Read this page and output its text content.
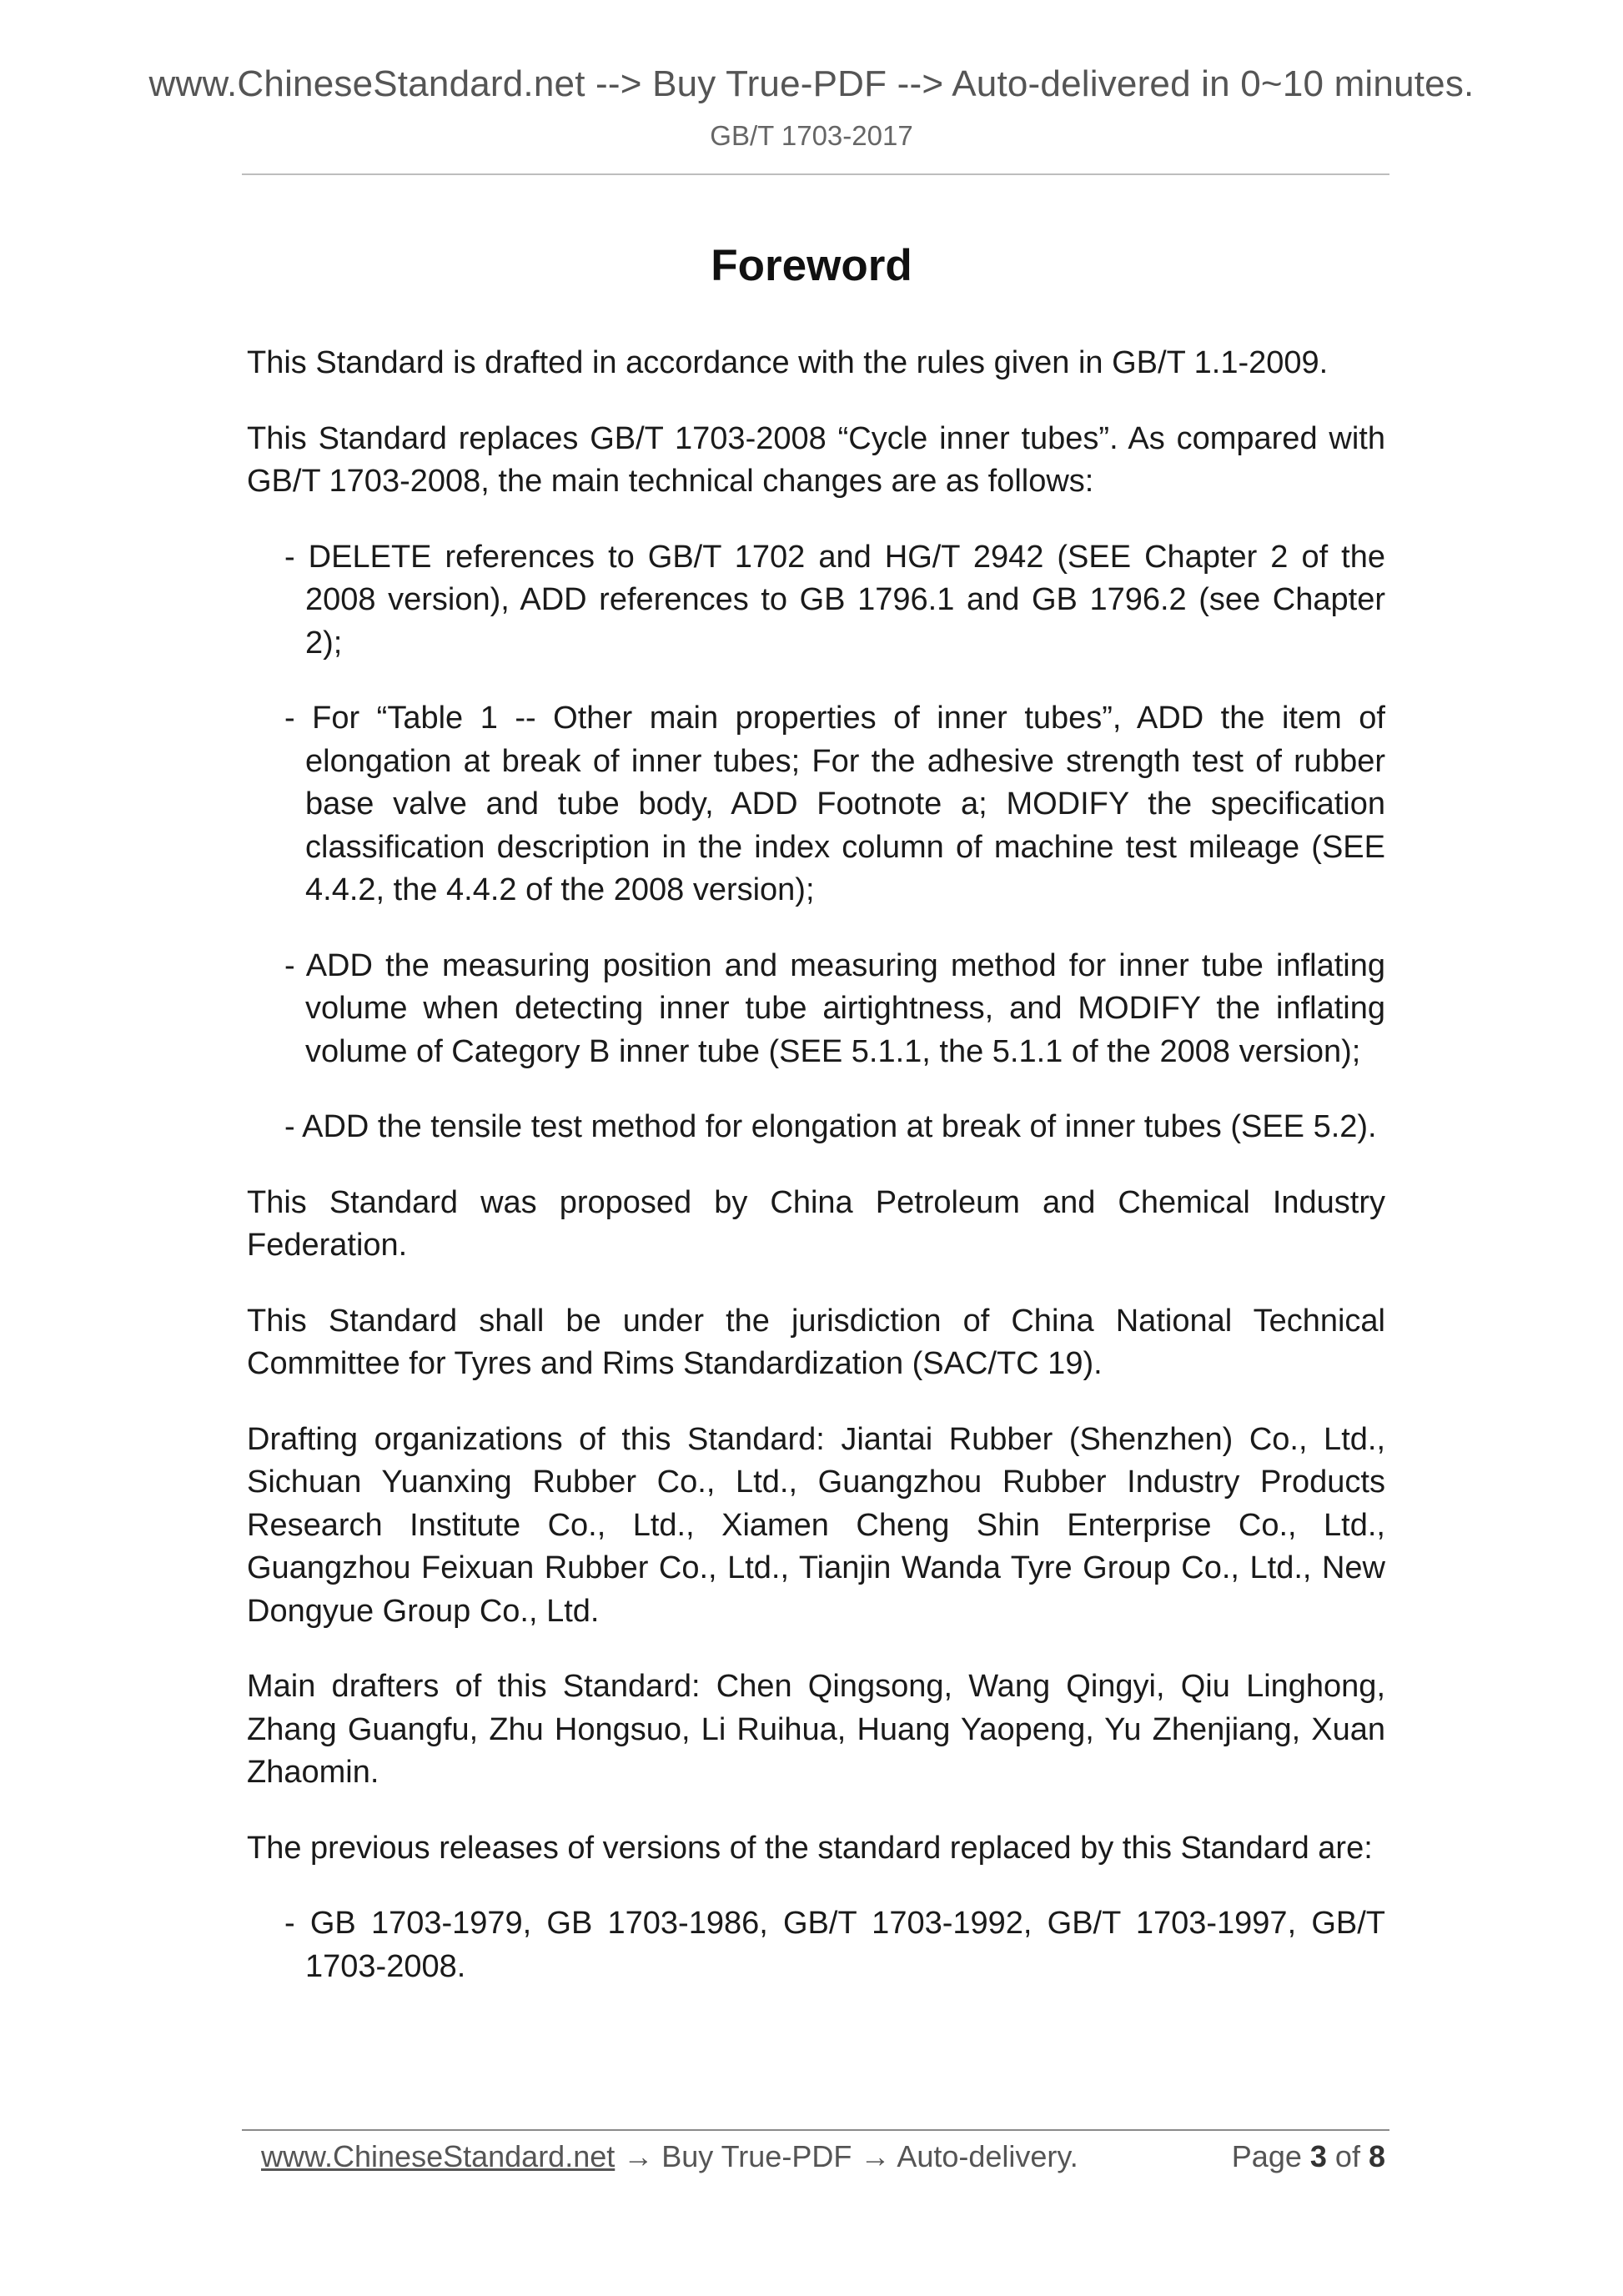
www.ChineseStandard.net --> Buy True-PDF --> Auto-delivered in 0~10 minutes.
GB/T 1703-2017
Foreword

This Standard is drafted in accordance with the rules given in GB/T 1.1-2009.

This Standard replaces GB/T 1703-2008 “Cycle inner tubes”. As compared with GB/T 1703-2008, the main technical changes are as follows:

- DELETE references to GB/T 1702 and HG/T 2942 (SEE Chapter 2 of the 2008 version), ADD references to GB 1796.1 and GB 1796.2 (see Chapter 2);

- For “Table 1 -- Other main properties of inner tubes”, ADD the item of elongation at break of inner tubes; For the adhesive strength test of rubber base valve and tube body, ADD Footnote a; MODIFY the specification classification description in the index column of machine test mileage (SEE 4.4.2, the 4.4.2 of the 2008 version);

- ADD the measuring position and measuring method for inner tube inflating volume when detecting inner tube airtightness, and MODIFY the inflating volume of Category B inner tube (SEE 5.1.1, the 5.1.1 of the 2008 version);

- ADD the tensile test method for elongation at break of inner tubes (SEE 5.2).

This Standard was proposed by China Petroleum and Chemical Industry Federation.

This Standard shall be under the jurisdiction of China National Technical Committee for Tyres and Rims Standardization (SAC/TC 19).

Drafting organizations of this Standard: Jiantai Rubber (Shenzhen) Co., Ltd., Sichuan Yuanxing Rubber Co., Ltd., Guangzhou Rubber Industry Products Research Institute Co., Ltd., Xiamen Cheng Shin Enterprise Co., Ltd., Guangzhou Feixuan Rubber Co., Ltd., Tianjin Wanda Tyre Group Co., Ltd., New Dongyue Group Co., Ltd.

Main drafters of this Standard: Chen Qingsong, Wang Qingyi, Qiu Linghong, Zhang Guangfu, Zhu Hongsuo, Li Ruihua, Huang Yaopeng, Yu Zhenjiang, Xuan Zhaomin.

The previous releases of versions of the standard replaced by this Standard are:

- GB 1703-1979, GB 1703-1986, GB/T 1703-1992, GB/T 1703-1997, GB/T 1703-2008.

www.ChineseStandard.net → Buy True-PDF → Auto-delivery.	Page 3 of 8
